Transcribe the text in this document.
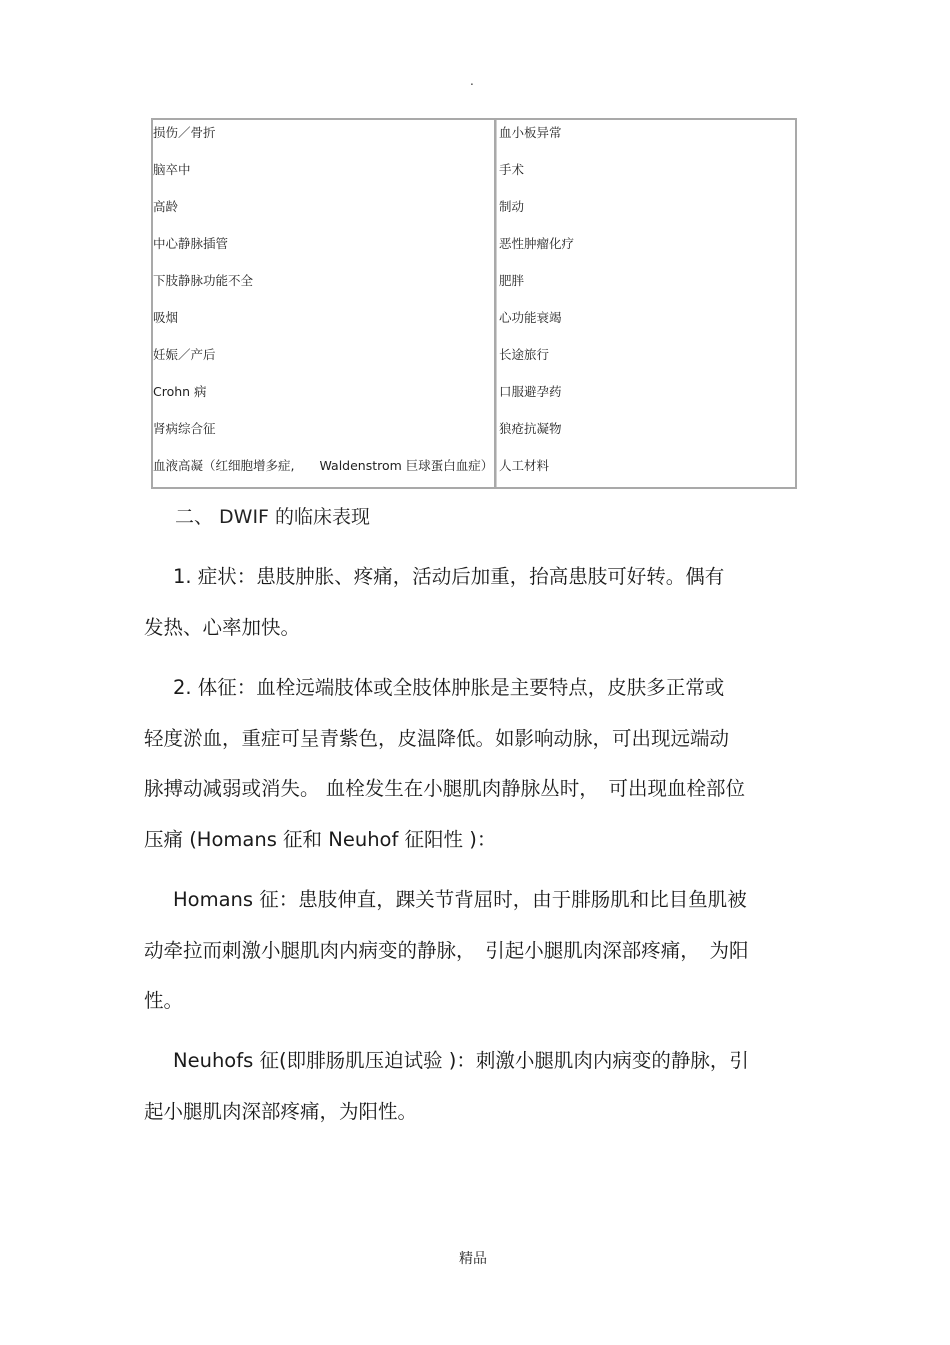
.
损伤／骨折
脑卒中
高龄
中心静脉插管
下肢静脉功能不全
吸烟
妊娠／产后
Crohn 病
肾病综合征
血液高凝（红细胞增多症,　　Waldenstrom 巨球蛋白血症）
血小板异常
手术
制动
恶性肿瘤化疗
肥胖
心功能衰竭
长途旅行
口服避孕药
狼疮抗凝物
人工材料
二、 DWIF 的临床表现
1. 症状：患肢肿胀、疼痛，活动后加重，抬高患肢可好转。偶有
发热、心率加快。
2. 体征：血栓远端肢体或全肢体肿胀是主要特点，皮肤多正常或
轻度淤血，重症可呈青紫色，皮温降低。如影响动脉，可出现远端动
脉搏动减弱或消失。 血栓发生在小腿肌肉静脉丛时，　可出现血栓部位
压痛 (Homans 征和 Neuhof 征阳性 )：
Homans 征：患肢伸直，踝关节背屈时，由于腓肠肌和比目鱼肌被
动牵拉而刺激小腿肌肉内病变的静脉，　引起小腿肌肉深部疼痛，　为阳
性。
Neuhofs 征(即腓肠肌压迫试验 )：刺激小腿肌肉内病变的静脉，引
起小腿肌肉深部疼痛，为阳性。
精品
